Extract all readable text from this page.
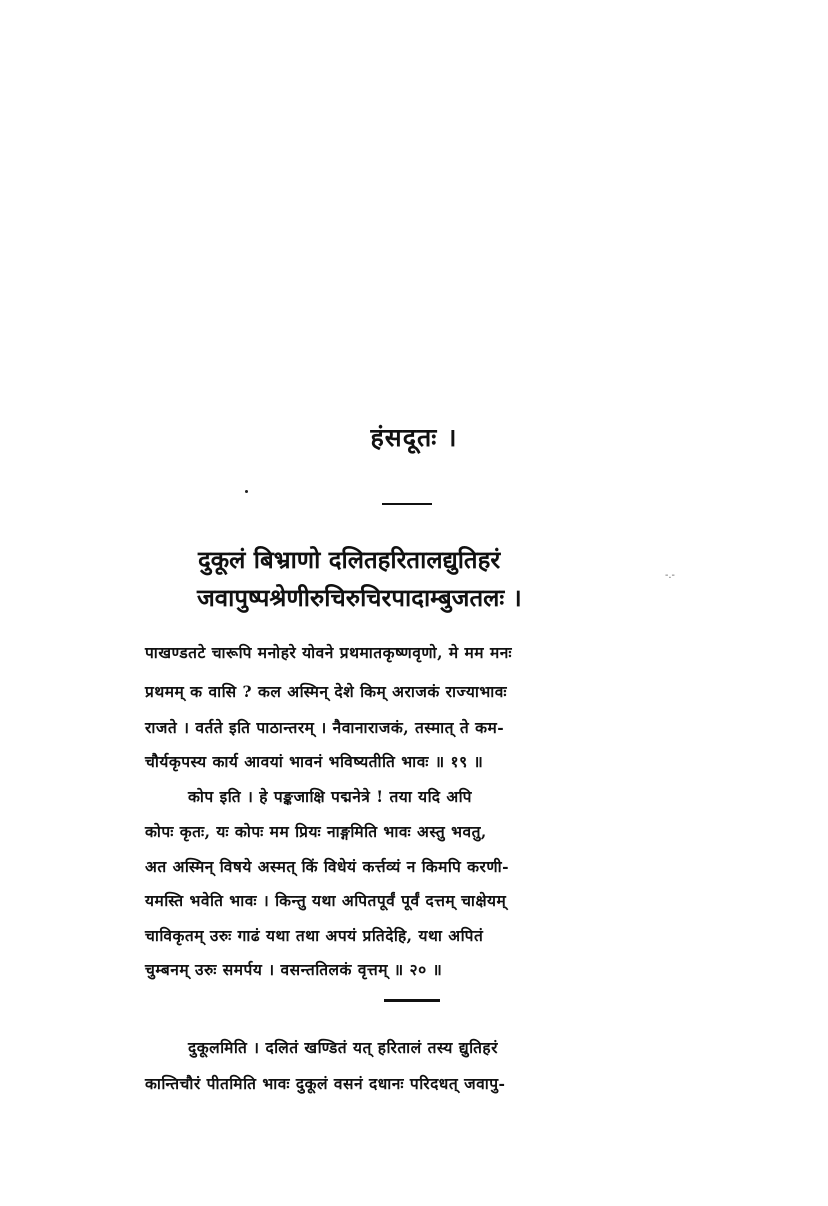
हंसदूतः ।
-.-
दुकूलं बिभ्राणो दलितहरितालद्युतिहरं
जवापुष्पश्रेणीरुचिरुचिरपादाम्बुजतलः ।
पाखण्डतटे चारूपि मनोहरे योवने प्रथमातकृष्णवृणो, मे मम मनः
प्रथमम् क वासि ? कल अस्मिन् देशे किम् अराजकं राज्याभावः
राजते । वर्तते इति पाठान्तरम् । नैवानाराजकं, तस्मात् ते कम-
चौर्यकृपस्य कार्य आवयां भावनं भविष्यतीति भावः ॥ १९ ॥
कोप इति । हे पङ्कजाक्षि पद्मनेत्रे ! तया यदि अपि
कोपः कृतः, यः कोपः मम प्रियः नाङ्गमिति भावः अस्तु भवतु,
अत अस्मिन् विषये अस्मत् किं विधेयं कर्त्तव्यं न किमपि करणी-
यमस्ति भवेति भावः । किन्तु यथा अपितपूर्वं पूर्वं दत्तम् चाक्षेयम्
चाविकृतम् उरुः गाढं यथा तथा अपयं प्रतिदेहि, यथा अपितं
चुम्बनम् उरुः समर्पय । वसन्ततिलकं वृत्तम् ॥ २० ॥
दुकूलमिति । दलितं खण्डितं यत् हरितालं तस्य द्युतिहरं
कान्तिचौरं पीतमिति भावः दुकूलं वसनं दधानः परिदधत् जवापु-
